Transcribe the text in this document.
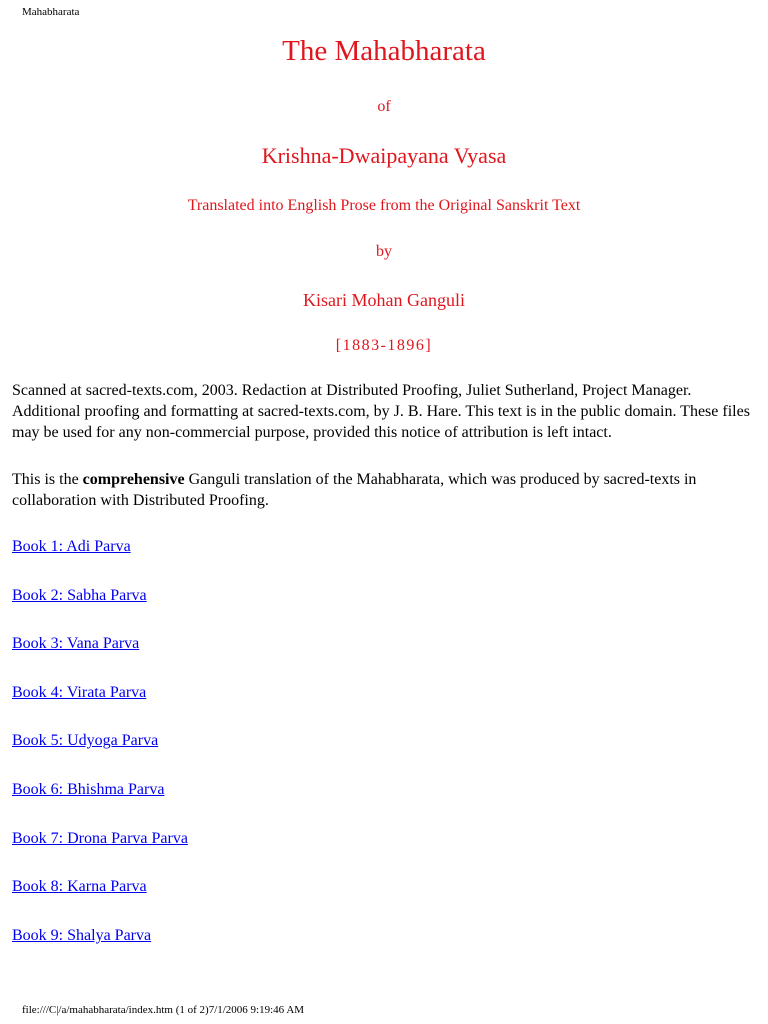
Mahabharata
The Mahabharata
of
Krishna-Dwaipayana Vyasa
Translated into English Prose from the Original Sanskrit Text
by
Kisari Mohan Ganguli
[1883-1896]

Scanned at sacred-texts.com, 2003. Redaction at Distributed Proofing, Juliet Sutherland, Project Manager. Additional proofing and formatting at sacred-texts.com, by J. B. Hare. This text is in the public domain. These files may be used for any non-commercial purpose, provided this notice of attribution is left intact.

This is the comprehensive Ganguli translation of the Mahabharata, which was produced by sacred-texts in collaboration with Distributed Proofing.

Book 1: Adi Parva
Book 2: Sabha Parva
Book 3: Vana Parva
Book 4: Virata Parva
Book 5: Udyoga Parva
Book 6: Bhishma Parva
Book 7: Drona Parva Parva
Book 8: Karna Parva
Book 9: Shalya Parva
file:///C|/a/mahabharata/index.htm (1 of 2)7/1/2006 9:19:46 AM
